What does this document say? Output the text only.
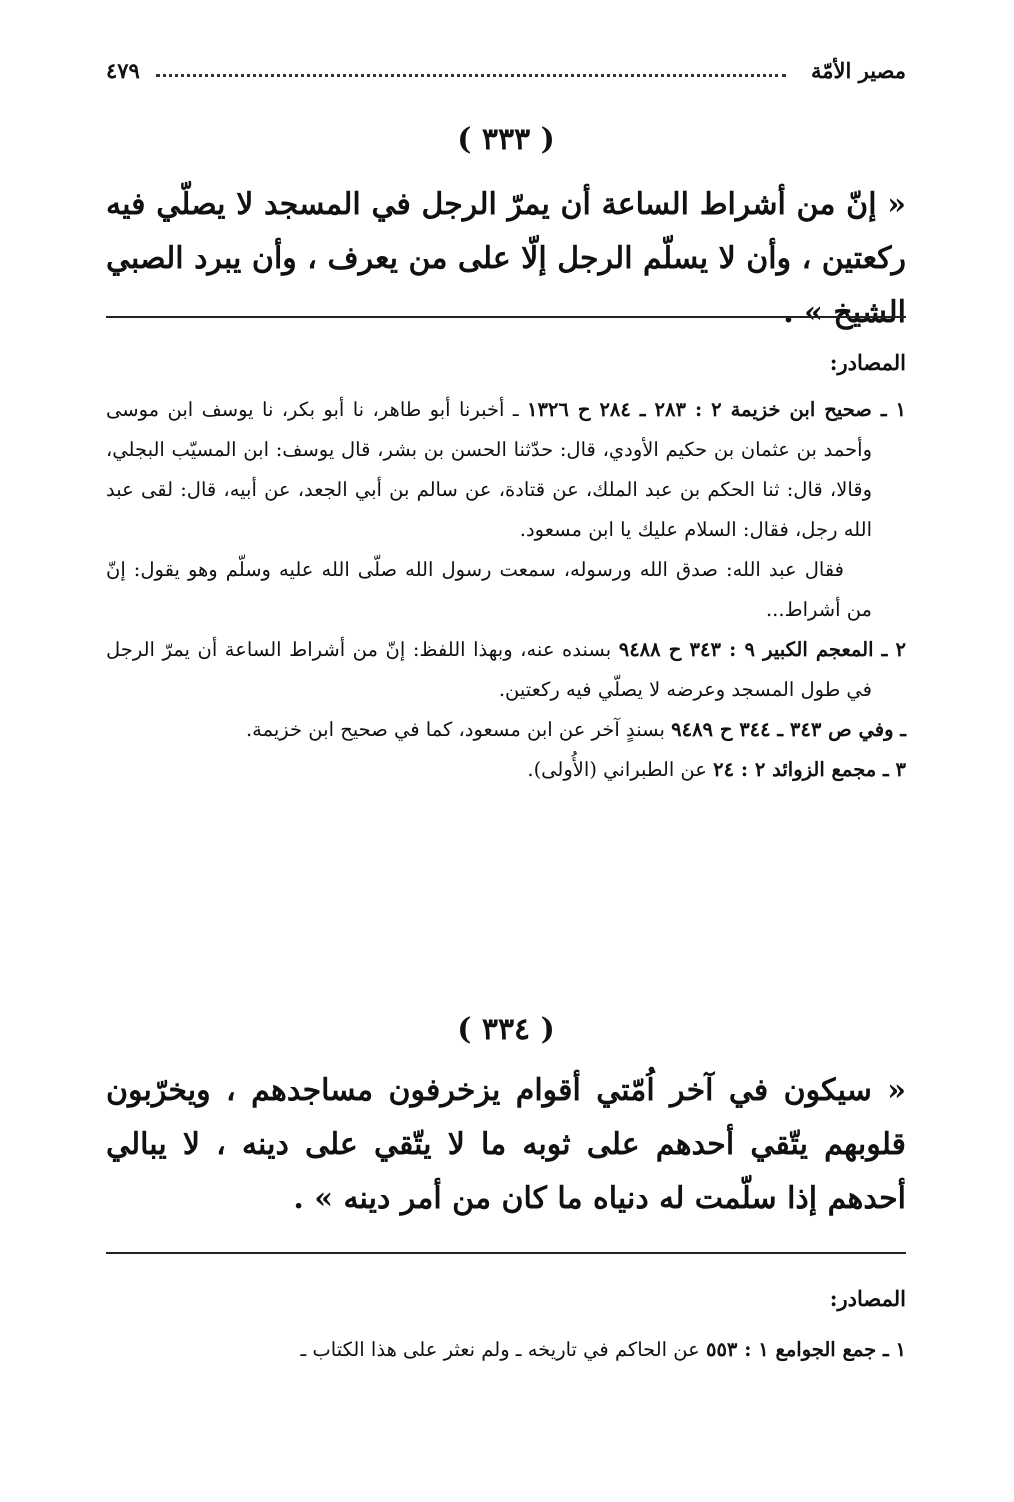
مصير الأمّة
٤٧٩
( ٣٣٣ )

« إنّ من أشراط الساعة أن يمرّ الرجل في المسجد لا يصلّي فيه ركعتين ، وأن لا يسلّم الرجل إلّا على من يعرف ، وأن يبرد الصبي الشيخ » .

المصادر:

١ ـ صحيح ابن خزيمة ٢ : ٢٨٣ ـ ٢٨٤ ح ١٣٢٦ ـ أخبرنا أبو طاهر، نا أبو بكر، نا يوسف ابن موسى وأحمد بن عثمان بن حكيم الأودي، قال: حدّثنا الحسن بن بشر، قال يوسف: ابن المسيّب البجلي، وقالا، قال: ثنا الحكم بن عبد الملك، عن قتادة، عن سالم بن أبي الجعد، عن أبيه، قال: لقى عبد الله رجل، فقال: السلام عليك يا ابن مسعود.

فقال عبد الله: صدق الله ورسوله، سمعت رسول الله صلّى الله عليه وسلّم وهو يقول: إنّ من أشراط...

٢ ـ المعجم الكبير ٩ : ٣٤٣ ح ٩٤٨٨ بسنده عنه، وبهذا اللفظ: إنّ من أشراط الساعة أن يمرّ الرجل في طول المسجد وعرضه لا يصلّي فيه ركعتين.

ـ وفي ص ٣٤٣ ـ ٣٤٤ ح ٩٤٨٩ بسندٍ آخر عن ابن مسعود، كما في صحيح ابن خزيمة.

٣ ـ مجمع الزوائد ٢ : ٢٤ عن الطبراني (الأُولى).

( ٣٣٤ )

« سيكون في آخر اُمّتي أقوام يزخرفون مساجدهم ، ويخرّبون قلوبهم يتّقي أحدهم على ثوبه ما لا يتّقي على دينه ، لا يبالي أحدهم إذا سلّمت له دنياه ما كان من أمر دينه » .

المصادر:

١ ـ جمع الجوامع ١ : ٥٥٣ عن الحاكم في تاريخه ـ ولم نعثر على هذا الكتاب ـ
